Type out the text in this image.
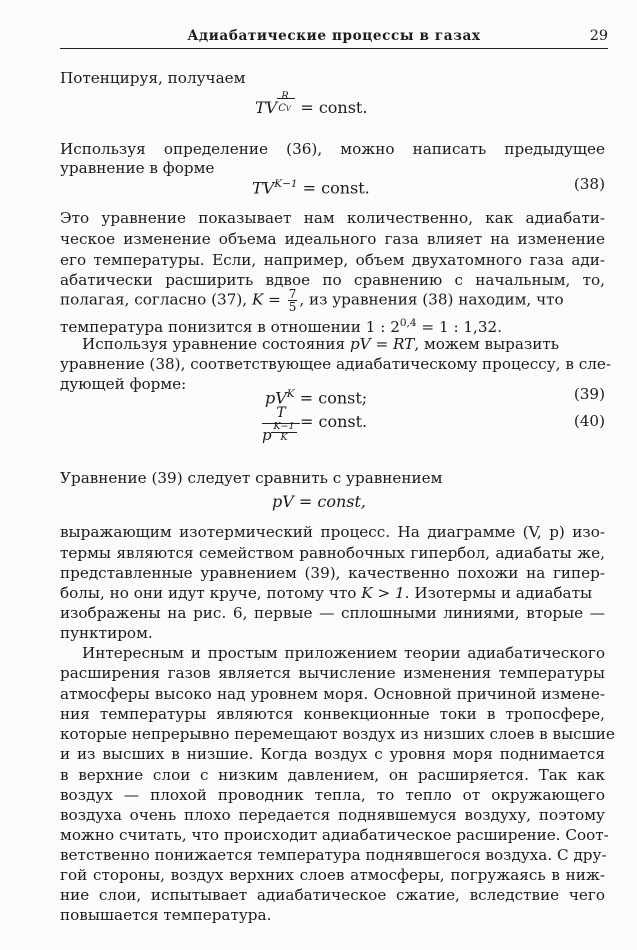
Адиабатические процессы в газах	29
Потенцируя, получаем
TV
R
CV = const.
Используя определение (36), можно написать предыдущее
уравнение в форме
$TV^{K-1}$ = const.	(38)
Это уравнение показывает нам количественно, как адиабати-
ческое изменение объема идеального газа влияет на изменение
его температуры. Если, например, объем двухатомного газа ади-
абатически расширить вдвое по сравнению с начальным, то,
полагая, согласно (37), $K = \frac{7}{5}$ , из уравнения (38) находим, что
температура понизится в отношении 1 : $2^{0,4} = 1$ : 1,32.
Используя уравнение состояния pV = RT, можем выразить
уравнение (38), соответствующее адиабатическому процессу, в сле-
дующей форме:
$pV^K$ = const;	(39)
T
p K−1
K
= const.	(40)
Уравнение (39) следует сравнить с уравнением
pV = const,
выражающим изотермический процесс. На диаграмме (V, p) изо-
термы являются семейством равнобочных гипербол, адиабаты же,
представленные уравнением (39), качественно похожи на гипер-
болы, но они идут круче, потому что K > 1. Изотермы и адиабаты
изображены на рис. 6, первые — сплошными линиями, вторые —
пунктиром.
Интересным и простым приложением теории адиабатического
расширения газов является вычисление изменения температуры
атмосферы высоко над уровнем моря. Основной причиной измене-
ния температуры являются конвекционные токи в тропосфере,
которые непрерывно перемещают воздух из низших слоев в высшие
и из высших в низшие. Когда воздух с уровня моря поднимается
в верхние слои с низким давлением, он расширяется. Так как
воздух — плохой проводник тепла, то тепло от окружающего
воздуха очень плохо передается поднявшемуся воздуху, поэтому
можно считать, что происходит адиабатическое расширение. Соот-
ветственно понижается температура поднявшегося воздуха. С дру-
гой стороны, воздух верхних слоев атмосферы, погружаясь в ниж-
ние слои, испытывает адиабатическое сжатие, вследствие чего
повышается температура.
